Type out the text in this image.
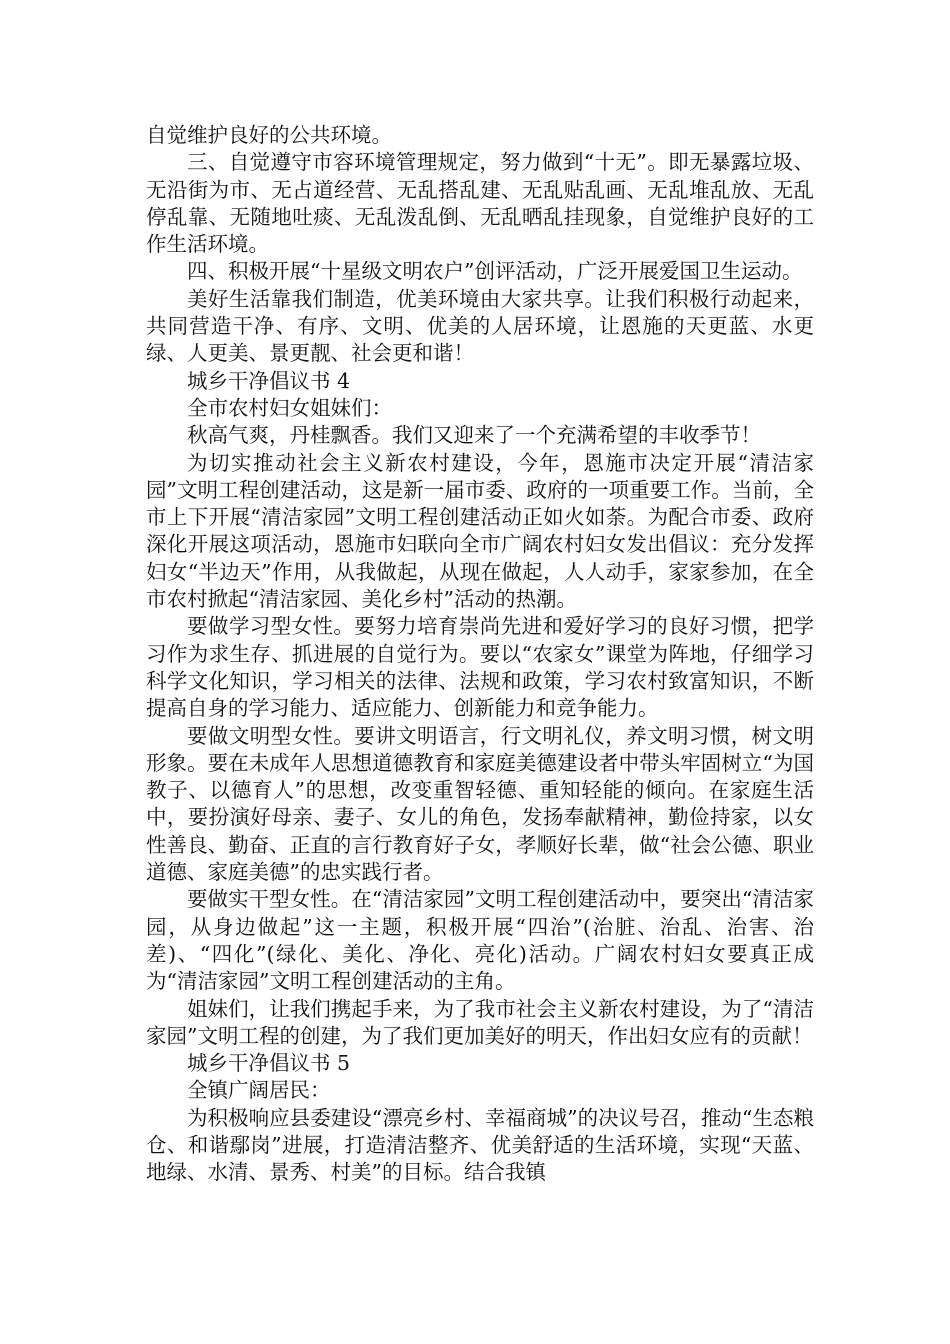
自觉维护良好的公共环境。

三、自觉遵守市容环境管理规定，努力做到“十无”。即无暴露垃圾、无沿街为市、无占道经营、无乱搭乱建、无乱贴乱画、无乱堆乱放、无乱停乱靠、无随地吐痰、无乱泼乱倒、无乱晒乱挂现象，自觉维护良好的工作生活环境。

四、积极开展“十星级文明农户”创评活动，广泛开展爱国卫生运动。

美好生活靠我们制造，优美环境由大家共享。让我们积极行动起来，共同营造干净、有序、文明、优美的人居环境，让恩施的天更蓝、水更绿、人更美、景更靓、社会更和谐！

城乡干净倡议书 4

全市农村妇女姐妹们：

秋高气爽，丹桂飘香。我们又迎来了一个充满希望的丰收季节！

为切实推动社会主义新农村建设，今年，恩施市决定开展“清洁家园”文明工程创建活动，这是新一届市委、政府的一项重要工作。当前，全市上下开展“清洁家园”文明工程创建活动正如火如荼。为配合市委、政府深化开展这项活动，恩施市妇联向全市广阔农村妇女发出倡议：充分发挥妇女“半边天”作用，从我做起，从现在做起，人人动手，家家参加，在全市农村掀起“清洁家园、美化乡村”活动的热潮。

要做学习型女性。要努力培育崇尚先进和爱好学习的良好习惯，把学习作为求生存、抓进展的自觉行为。要以“农家女”课堂为阵地，仔细学习科学文化知识，学习相关的法律、法规和政策，学习农村致富知识，不断提高自身的学习能力、适应能力、创新能力和竞争能力。

要做文明型女性。要讲文明语言，行文明礼仪，养文明习惯，树文明形象。要在未成年人思想道德教育和家庭美德建设者中带头牢固树立“为国教子、以德育人”的思想，改变重智轻德、重知轻能的倾向。在家庭生活中，要扮演好母亲、妻子、女儿的角色，发扬奉献精神，勤俭持家，以女性善良、勤奋、正直的言行教育好子女，孝顺好长辈，做“社会公德、职业道德、家庭美德”的忠实践行者。

要做实干型女性。在“清洁家园”文明工程创建活动中，要突出“清洁家园，从身边做起”这一主题，积极开展“四治”(治脏、治乱、治害、治差)、“四化”(绿化、美化、净化、亮化)活动。广阔农村妇女要真正成为“清洁家园”文明工程创建活动的主角。

姐妹们，让我们携起手来，为了我市社会主义新农村建设，为了“清洁家园”文明工程的创建，为了我们更加美好的明天，作出妇女应有的贡献！

城乡干净倡议书 5

全镇广阔居民：

为积极响应县委建设“漂亮乡村、幸福商城”的决议号召，推动“生态粮仓、和谐鄢岗”进展，打造清洁整齐、优美舒适的生活环境，实现“天蓝、地绿、水清、景秀、村美”的目标。结合我镇
